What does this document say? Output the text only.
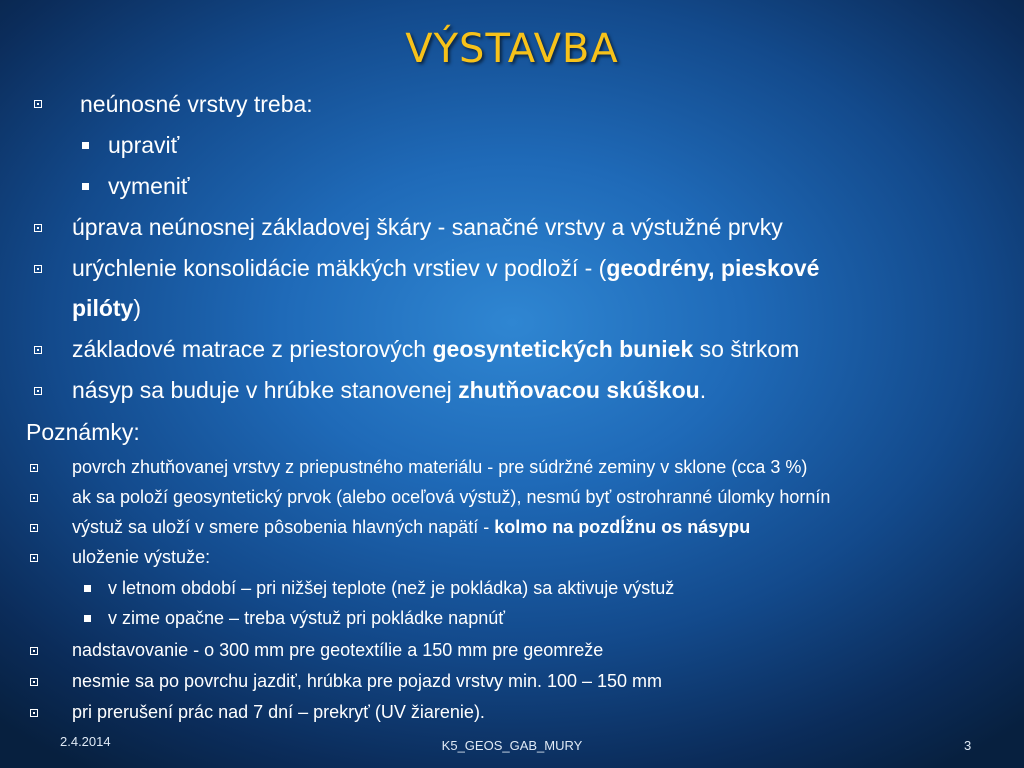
VÝSTAVBA
neúnosné vrstvy treba:
upraviť
vymeniť
úprava neúnosnej základovej škáry - sanačné vrstvy a výstužné prvky
urýchlenie konsolidácie mäkkých vrstiev v podloží - (geodrény, pieskové
pilóty)
základové matrace z priestorových geosyntetických buniek so štrkom
násyp sa buduje v hrúbke stanovenej zhutňovacou skúškou.
Poznámky:
povrch zhutňovanej vrstvy z priepustného materiálu - pre súdržné zeminy v sklone (cca 3 %)
ak sa položí geosyntetický prvok (alebo oceľová výstuž), nesmú byť ostrohranné úlomky hornín
výstuž sa uloží v smere pôsobenia hlavných napätí - kolmo na pozdĺžnu os násypu
uloženie výstuže:
v letnom období – pri nižšej teplote (než je pokládka) sa aktivuje výstuž
v zime opačne – treba výstuž pri pokládke napnúť
nadstavovanie - o 300 mm pre geotextílie a 150 mm pre geomreže
nesmie sa po povrchu jazdiť, hrúbka pre pojazd vrstvy min. 100 – 150 mm
pri prerušení prác nad 7 dní – prekryť (UV žiarenie).
2.4.2014	K5_GEOS_GAB_MURY	3
